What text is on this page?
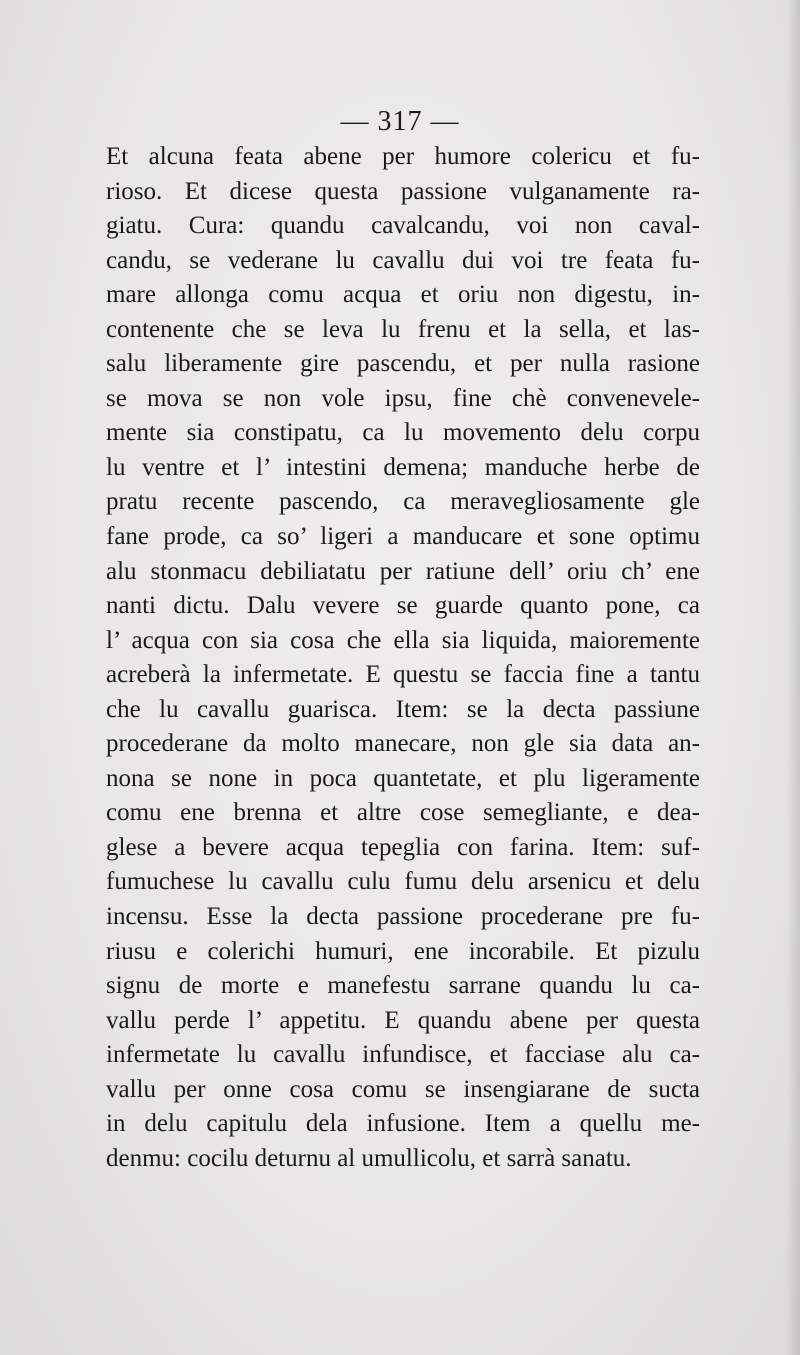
— 317 —
Et alcuna feata abene per humore colericu et fu-
rioso. Et dicese questa passione vulganamente ra-
giatu. Cura: quandu cavalcandu, voi non caval-
candu, se vederane lu cavallu dui voi tre feata fu-
mare allonga comu acqua et oriu non digestu, in-
contenente che se leva lu frenu et la sella, et las-
salu liberamente gire pascendu, et per nulla rasione
se mova se non vole ipsu, fine chè convenevele-
mente sia constipatu, ca lu movemento delu corpu
lu ventre et l’ intestini demena; manduche herbe de
pratu recente pascendo, ca meravegliosamente gle
fane prode, ca so’ ligeri a manducare et sone optimu
alu stonmacu debiliatatu per ratiune dell’ oriu ch’ ene
nanti dictu. Dalu vevere se guarde quanto pone, ca
l’ acqua con sia cosa che ella sia liquida, maioremente
acreberà la infermetate. E questu se faccia fine a tantu
che lu cavallu guarisca. Item: se la decta passiune
procederane da molto manecare, non gle sia data an-
nona se none in poca quantetate, et plu ligeramente
comu ene brenna et altre cose semegliante, e dea-
glese a bevere acqua tepeglia con farina. Item: suf-
fumuchese lu cavallu culu fumu delu arsenicu et delu
incensu. Esse la decta passione procederane pre fu-
riusu e colerichi humuri, ene incorabile. Et pizulu
signu de morte e manefestu sarrane quandu lu ca-
vallu perde l’ appetitu. E quandu abene per questa
infermetate lu cavallu infundisce, et facciase alu ca-
vallu per onne cosa comu se insengiarane de sucta
in delu capitulu dela infusione. Item a quellu me-
denmu: cocilu deturnu al umullicolu, et sarrà sanatu.
